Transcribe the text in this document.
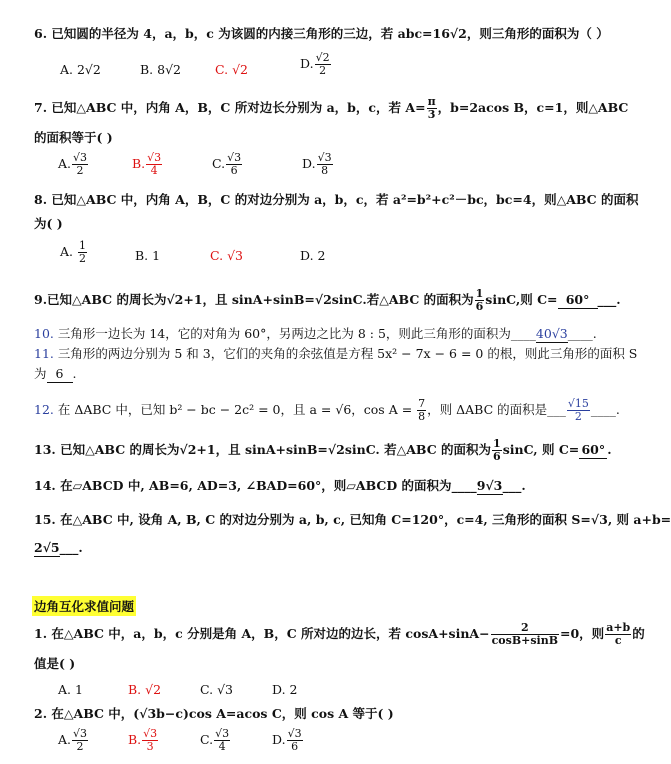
6. 已知圆的半径为 4，a，b，c 为该圆的内接三角形的三边，若 abc=16√2，则三角形的面积为（ ）
A. 2√2	B. 8√2	C. √2	D. $\frac{√2}{2}$
7. 已知△ABC 中，内角 A，B，C 所对边长分别为 a，b，c，若 $A= \frac{\pi}{3}$ ，b=2acos B，c=1，则△ABC
的面积等于( )
A. $\frac{√3}{2}$	B. $\frac{√3}{4}$	C. $\frac{√3}{6}$	D. $\frac{√3}{8}$
8. 已知△ABC 中，内角 A，B，C 的对边分别为 a，b，c，若 a²=b²+c²－bc，bc=4，则△ABC 的面积
为( )
A. $\frac{1}{2}$	B. 1	C. √3	D. 2
9.已知△ABC 的周长为√2+1，且 sinA+sinB=√2sinC.若△ABC 的面积为 $\frac{1}{6} \sin C$,则 C= 60° ___.
10. 三角形一边长为 14，它的对角为 60°，另两边之比为 8 : 5，则此三角形的面积为____40√3____.
11. 三角形的两边分别为 5 和 3，它们的夹角的余弦值是方程 5x² − 7x − 6 = 0 的根，则此三角形的面积 S
为 6 .
12. 在 ΔABC 中，已知 b² − bc − 2c² = 0，且 a = √6，$\cos A = \frac{7}{8}$ ，则 ΔABC 的面积是___ $\frac{√15}{2}$ ____.
13. 已知△ABC 的周长为√2+1，且 sinA+sinB=√2sinC. 若△ABC 的面积为 $\frac{1}{6} \sin C$, 则 C= 60° .
14. 在▱ABCD 中, AB=6, AD=3, ∠BAD=60°，则▱ABCD 的面积为____9√3___.
15. 在△ABC 中, 设角 A, B, C 的对边分别为 a, b, c, 已知角 C=120°，c=4, 三角形的面积 S=√3, 则 a+b=
2√5___.
边角互化求值问题
1. 在△ABC 中，a，b，c 分别是角 A，B，C 所对边的边长，若 $\cos A+\sin A- \frac{2}{\cos B+\sin B} =0$，则 $\frac{a+b}{c}$ 的
值是( )
A. 1	B. √2	C. √3	D. 2
2. 在△ABC 中，(√3b−c)cos A=acos C，则 cos A 等于( )
A. $\frac{√3}{2}$	B. $\frac{√3}{3}$	C. $\frac{√3}{4}$	D. $\frac{√3}{6}$
